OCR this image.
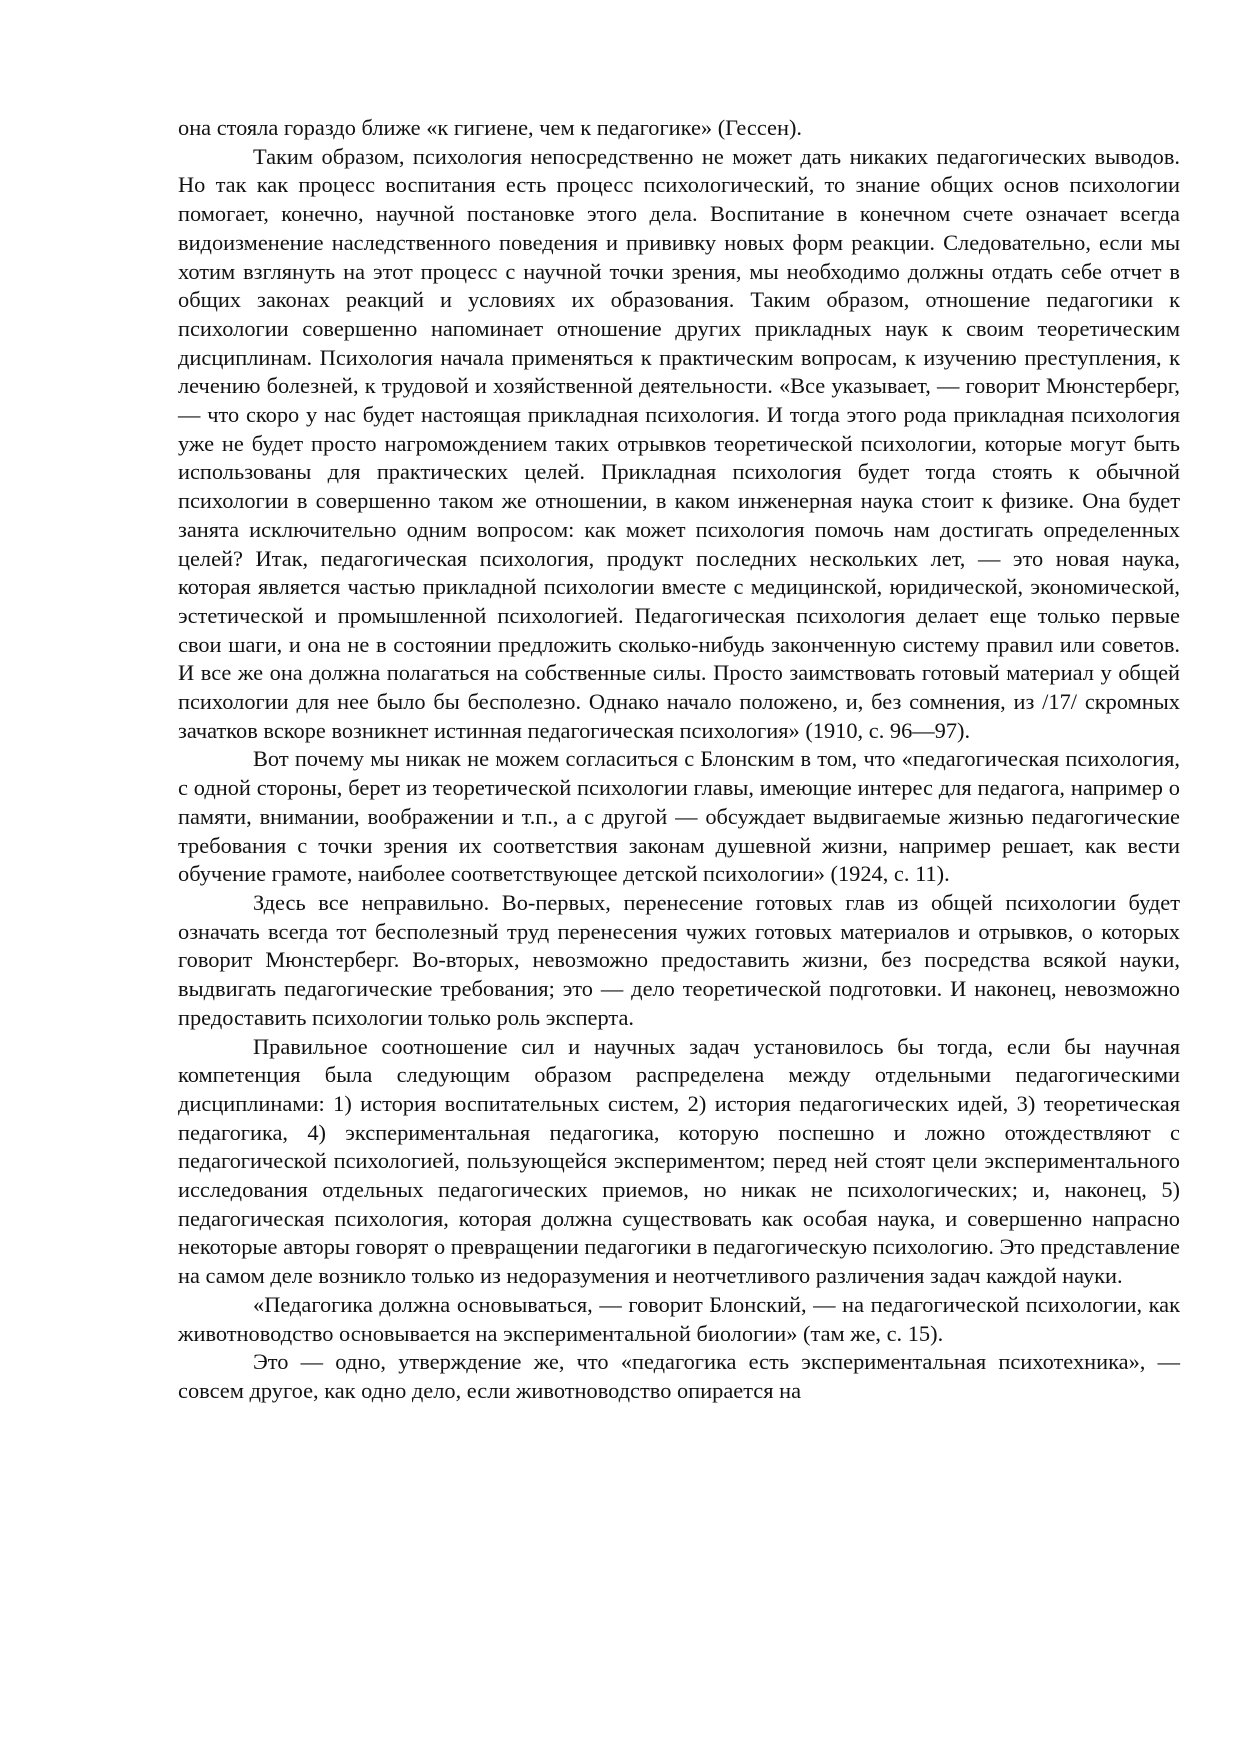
она стояла гораздо ближе «к гигиене, чем к педагогике» (Гессен).

Таким образом, психология непосредственно не может дать никаких педагогических выводов. Но так как процесс воспитания есть процесс психологический, то знание общих основ психологии помогает, конечно, научной постановке этого дела. Воспитание в конечном счете означает всегда видоизменение наследственного поведения и прививку новых форм реакции. Следовательно, если мы хотим взглянуть на этот процесс с научной точки зрения, мы необходимо должны отдать себе отчет в общих законах реакций и условиях их образования. Таким образом, отношение педагогики к психологии совершенно напоминает отношение других прикладных наук к своим теоретическим дисциплинам. Психология начала применяться к практическим вопросам, к изучению преступления, к лечению болезней, к трудовой и хозяйственной деятельности. «Все указывает, — говорит Мюнстерберг, — что скоро у нас будет настоящая прикладная психология. И тогда этого рода прикладная психология уже не будет просто нагромождением таких отрывков теоретической психологии, которые могут быть использованы для практических целей. Прикладная психология будет тогда стоять к обычной психологии в совершенно таком же отношении, в каком инженерная наука стоит к физике. Она будет занята исключительно одним вопросом: как может психология помочь нам достигать определенных целей? Итак, педагогическая психология, продукт последних нескольких лет, — это новая наука, которая является частью прикладной психологии вместе с медицинской, юридической, экономической, эстетической и промышленной психологией. Педагогическая психология делает еще только первые свои шаги, и она не в состоянии предложить сколько-нибудь законченную систему правил или советов. И все же она должна полагаться на собственные силы. Просто заимствовать готовый материал у общей психологии для нее было бы бесполезно. Однако начало положено, и, без сомнения, из /17/ скромных зачатков вскоре возникнет истинная педагогическая психология» (1910, с. 96—97).

Вот почему мы никак не можем согласиться с Блонским в том, что «педагогическая психология, с одной стороны, берет из теоретической психологии главы, имеющие интерес для педагога, например о памяти, внимании, воображении и т.п., а с другой — обсуждает выдвигаемые жизнью педагогические требования с точки зрения их соответствия законам душевной жизни, например решает, как вести обучение грамоте, наиболее соответствующее детской психологии» (1924, с. 11).

Здесь все неправильно. Во-первых, перенесение готовых глав из общей психологии будет означать всегда тот бесполезный труд перенесения чужих готовых материалов и отрывков, о которых говорит Мюнстерберг. Во-вторых, невозможно предоставить жизни, без посредства всякой науки, выдвигать педагогические требования; это — дело теоретической подготовки. И наконец, невозможно предоставить психологии только роль эксперта.

Правильное соотношение сил и научных задач установилось бы тогда, если бы научная компетенция была следующим образом распределена между отдельными педагогическими дисциплинами: 1) история воспитательных систем, 2) история педагогических идей, 3) теоретическая педагогика, 4) экспериментальная педагогика, которую поспешно и ложно отождествляют с педагогической психологией, пользующейся экспериментом; перед ней стоят цели экспериментального исследования отдельных педагогических приемов, но никак не психологических; и, наконец, 5) педагогическая психология, которая должна существовать как особая наука, и совершенно напрасно некоторые авторы говорят о превращении педагогики в педагогическую психологию. Это представление на самом деле возникло только из недоразумения и неотчетливого различения задач каждой науки.

«Педагогика должна основываться, — говорит Блонский, — на педагогической психологии, как животноводство основывается на экспериментальной биологии» (там же, с. 15).

Это — одно, утверждение же, что «педагогика есть экспериментальная психотехника», — совсем другое, как одно дело, если животноводство опирается на
